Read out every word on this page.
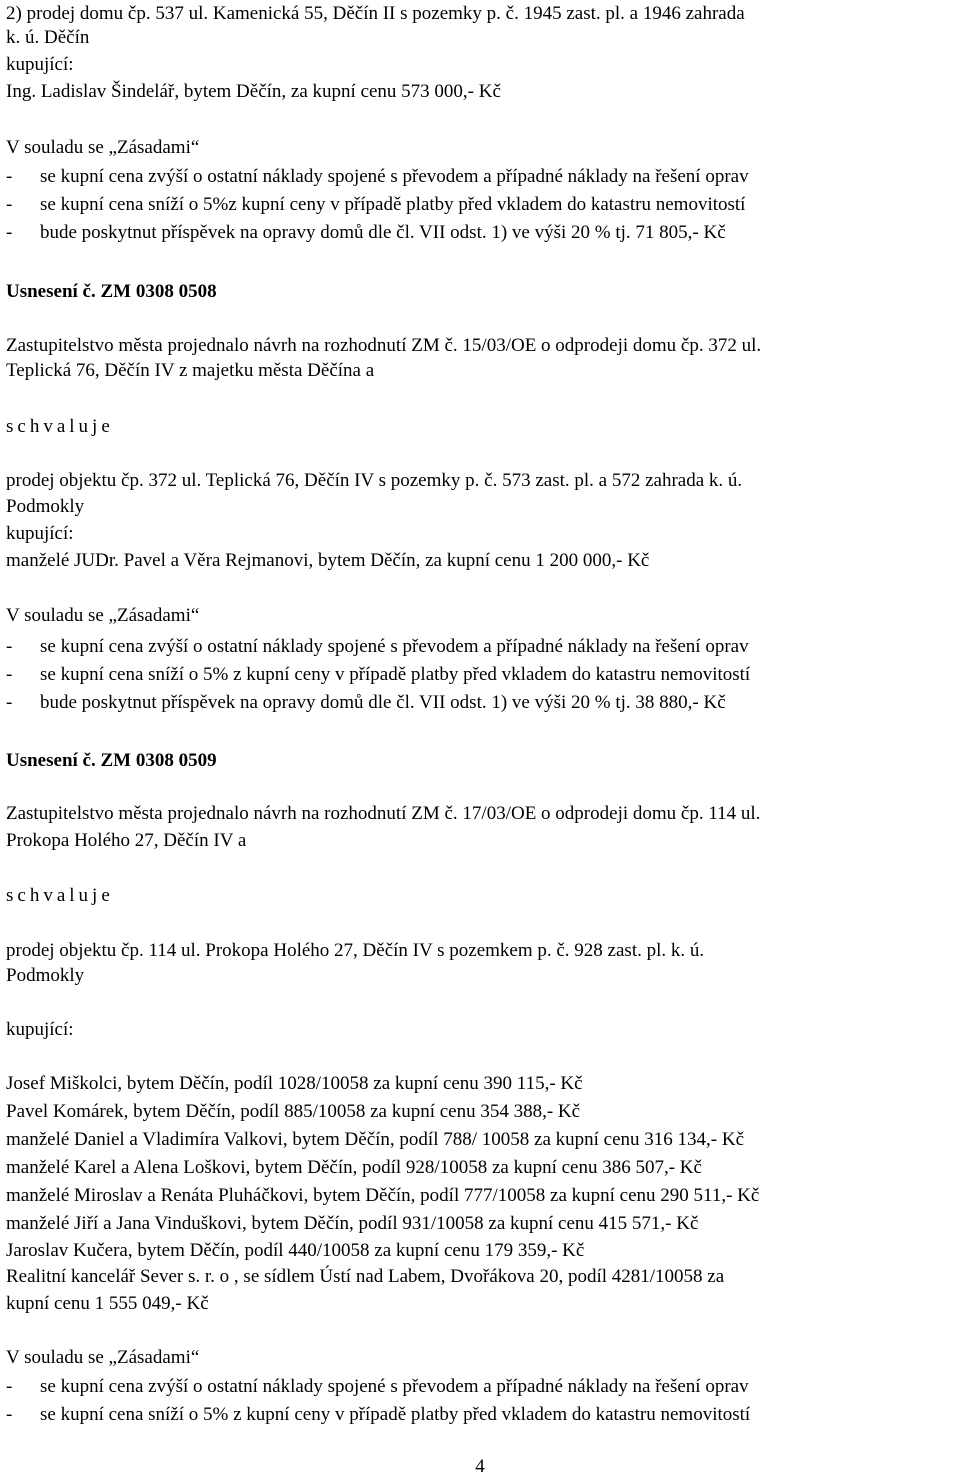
2) prodej domu čp. 537 ul. Kamenická 55, Děčín II s pozemky p. č. 1945 zast. pl. a 1946 zahrada
k. ú. Děčín
kupující:
Ing. Ladislav Šindelář, bytem Děčín, za kupní cenu 573 000,- Kč
V souladu se „Zásadami“
- se kupní cena zvýší o ostatní náklady spojené s převodem a případné náklady na řešení oprav
- se kupní cena sníží o 5%z kupní ceny v případě platby před vkladem do katastru nemovitostí
- bude poskytnut příspěvek na opravy domů dle čl. VII odst. 1) ve výši 20 % tj. 71 805,- Kč
Usnesení č. ZM 0308 0508
Zastupitelstvo města projednalo návrh na rozhodnutí ZM č. 15/03/OE o odprodeji domu čp. 372 ul.
Teplická 76, Děčín IV z majetku města Děčína a
schvaluje
prodej objektu čp. 372 ul. Teplická 76, Děčín IV s pozemky p. č. 573 zast. pl. a 572 zahrada k. ú.
Podmokly
kupující:
manželé JUDr. Pavel a Věra Rejmanovi, bytem Děčín, za kupní cenu 1 200 000,- Kč
V souladu se „Zásadami“
- se kupní cena zvýší o ostatní náklady spojené s převodem a případné náklady na řešení oprav
- se kupní cena sníží o 5% z kupní ceny v případě platby před vkladem do katastru nemovitostí
- bude poskytnut příspěvek na opravy domů dle čl. VII odst. 1) ve výši 20 % tj. 38 880,- Kč
Usnesení č. ZM 0308 0509
Zastupitelstvo města projednalo návrh na rozhodnutí ZM č. 17/03/OE o odprodeji domu čp. 114 ul.
Prokopa Holého 27, Děčín IV a
schvaluje
prodej objektu čp. 114 ul. Prokopa Holého 27, Děčín IV s pozemkem p. č. 928 zast. pl. k. ú.
Podmokly
kupující:
Josef Miškolci, bytem Děčín, podíl 1028/10058 za kupní cenu 390 115,- Kč
Pavel Komárek, bytem Děčín, podíl 885/10058 za kupní cenu 354 388,- Kč
manželé Daniel a Vladimíra Valkovi, bytem Děčín, podíl 788/ 10058 za kupní cenu 316 134,- Kč
manželé Karel a Alena Loškovi, bytem Děčín, podíl 928/10058 za kupní cenu 386 507,- Kč
manželé Miroslav a Renáta Pluháčkovi, bytem Děčín, podíl 777/10058 za kupní cenu 290 511,- Kč
manželé Jiří a Jana Vinduškovi, bytem Děčín, podíl 931/10058 za kupní cenu 415 571,- Kč
Jaroslav Kučera, bytem Děčín, podíl 440/10058 za kupní cenu 179 359,- Kč
Realitní kancelář Sever s. r. o , se sídlem Ústí nad Labem, Dvořákova 20, podíl 4281/10058 za
kupní cenu 1 555 049,- Kč
V souladu se „Zásadami“
- se kupní cena zvýší o ostatní náklady spojené s převodem a případné náklady na řešení oprav
- se kupní cena sníží o 5% z kupní ceny v případě platby před vkladem do katastru nemovitostí
4
